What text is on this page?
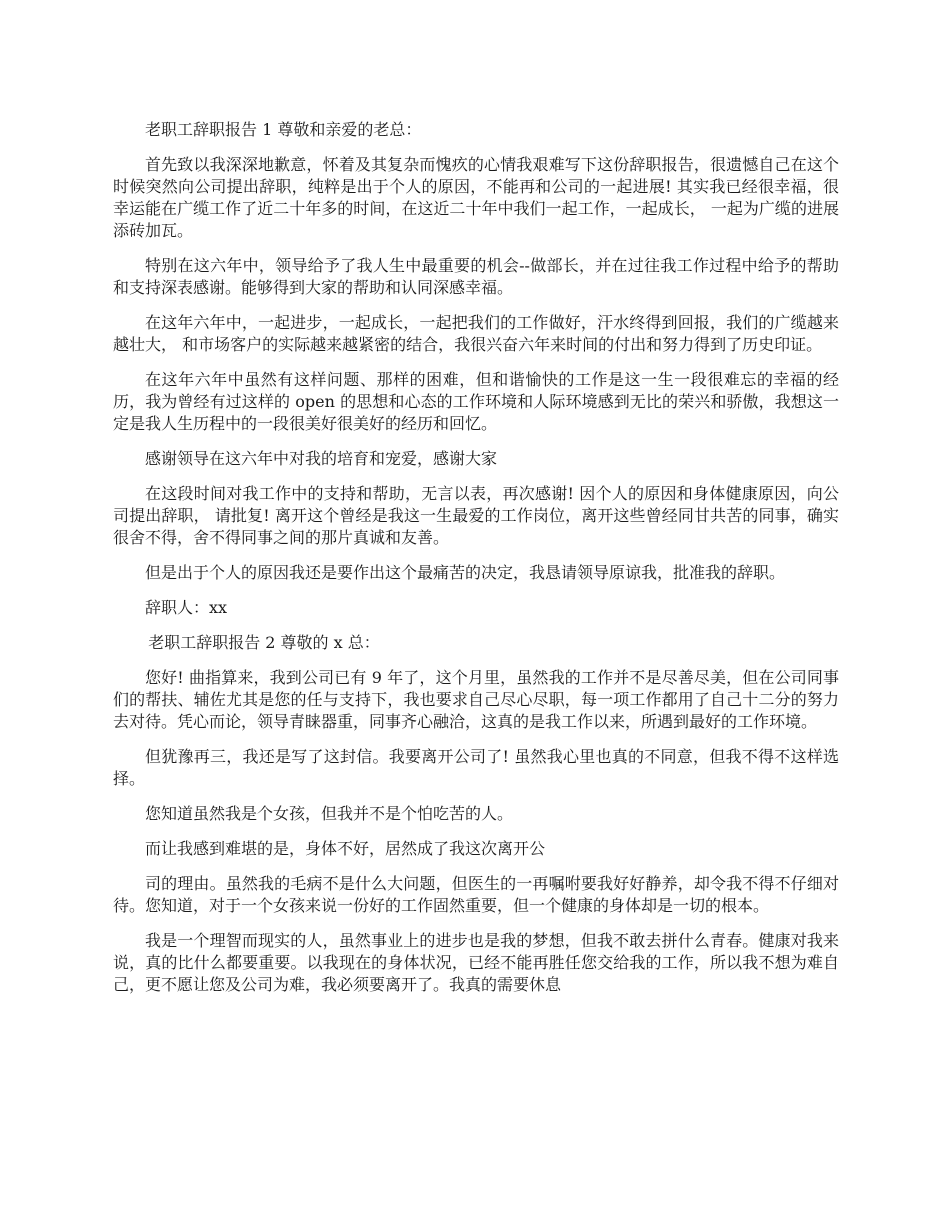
老职工辞职报告 1 尊敬和亲爱的老总：

首先致以我深深地歉意，怀着及其复杂而愧疚的心情我艰难写下这份辞职报告，很遗憾自己在这个时候突然向公司提出辞职，纯粹是出于个人的原因，不能再和公司的一起进展! 其实我已经很幸福，很幸运能在广缆工作了近二十年多的时间，在这近二十年中我们一起工作，一起成长， 一起为广缆的进展添砖加瓦。

特别在这六年中，领导给予了我人生中最重要的机会--做部长，并在过往我工作过程中给予的帮助和支持深表感谢。能够得到大家的帮助和认同深感幸福。

在这年六年中，一起进步，一起成长，一起把我们的工作做好，汗水终得到回报，我们的广缆越来越壮大， 和市场客户的实际越来越紧密的结合，我很兴奋六年来时间的付出和努力得到了历史印证。

在这年六年中虽然有这样问题、那样的困难，但和谐愉快的工作是这一生一段很难忘的幸福的经历，我为曾经有过这样的 open 的思想和心态的工作环境和人际环境感到无比的荣兴和骄傲，我想这一定是我人生历程中的一段很美好很美好的经历和回忆。

感谢领导在这六年中对我的培育和宠爱，感谢大家

在这段时间对我工作中的支持和帮助，无言以表，再次感谢! 因个人的原因和身体健康原因，向公司提出辞职， 请批复! 离开这个曾经是我这一生最爱的工作岗位，离开这些曾经同甘共苦的同事，确实很舍不得，舍不得同事之间的那片真诚和友善。

但是出于个人的原因我还是要作出这个最痛苦的决定，我恳请领导原谅我，批准我的辞职。

辞职人：xx

老职工辞职报告 2 尊敬的 x 总：

您好! 曲指算来，我到公司已有 9 年了，这个月里，虽然我的工作并不是尽善尽美，但在公司同事们的帮扶、辅佐尤其是您的任与支持下，我也要求自己尽心尽职，每一项工作都用了自己十二分的努力去对待。凭心而论，领导青睐器重，同事齐心融洽，这真的是我工作以来，所遇到最好的工作环境。

但犹豫再三，我还是写了这封信。我要离开公司了! 虽然我心里也真的不同意，但我不得不这样选择。

您知道虽然我是个女孩，但我并不是个怕吃苦的人。

而让我感到难堪的是，身体不好，居然成了我这次离开公

司的理由。虽然我的毛病不是什么大问题，但医生的一再嘱咐要我好好静养，却令我不得不仔细对待。您知道，对于一个女孩来说一份好的工作固然重要，但一个健康的身体却是一切的根本。

我是一个理智而现实的人，虽然事业上的进步也是我的梦想，但我不敢去拼什么青春。健康对我来说，真的比什么都要重要。以我现在的身体状况，已经不能再胜任您交给我的工作，所以我不想为难自己，更不愿让您及公司为难，我必须要离开了。我真的需要休息
